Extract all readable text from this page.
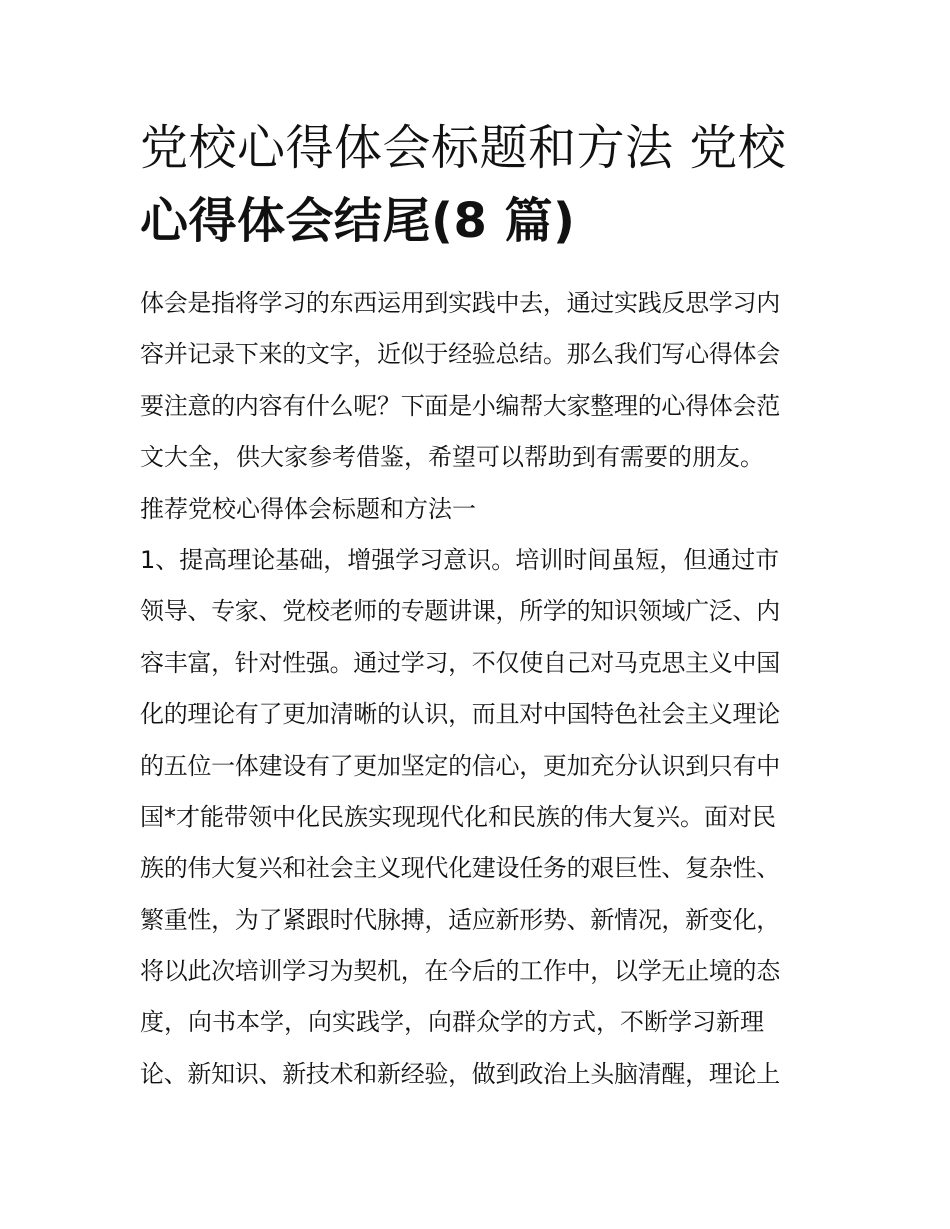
党校心得体会标题和方法 党校
心得体会结尾(8 篇)
体会是指将学习的东西运用到实践中去，通过实践反思学习内
容并记录下来的文字，近似于经验总结。那么我们写心得体会
要注意的内容有什么呢？下面是小编帮大家整理的心得体会范
文大全，供大家参考借鉴，希望可以帮助到有需要的朋友。
推荐党校心得体会标题和方法一
1、提高理论基础，增强学习意识。培训时间虽短，但通过市
领导、专家、党校老师的专题讲课，所学的知识领域广泛、内
容丰富，针对性强。通过学习，不仅使自己对马克思主义中国
化的理论有了更加清晰的认识，而且对中国特色社会主义理论
的五位一体建设有了更加坚定的信心，更加充分认识到只有中
国*才能带领中化民族实现现代化和民族的伟大复兴。面对民
族的伟大复兴和社会主义现代化建设任务的艰巨性、复杂性、
繁重性，为了紧跟时代脉搏，适应新形势、新情况，新变化，
将以此次培训学习为契机，在今后的工作中，以学无止境的态
度，向书本学，向实践学，向群众学的方式，不断学习新理
论、新知识、新技术和新经验，做到政治上头脑清醒，理论上
